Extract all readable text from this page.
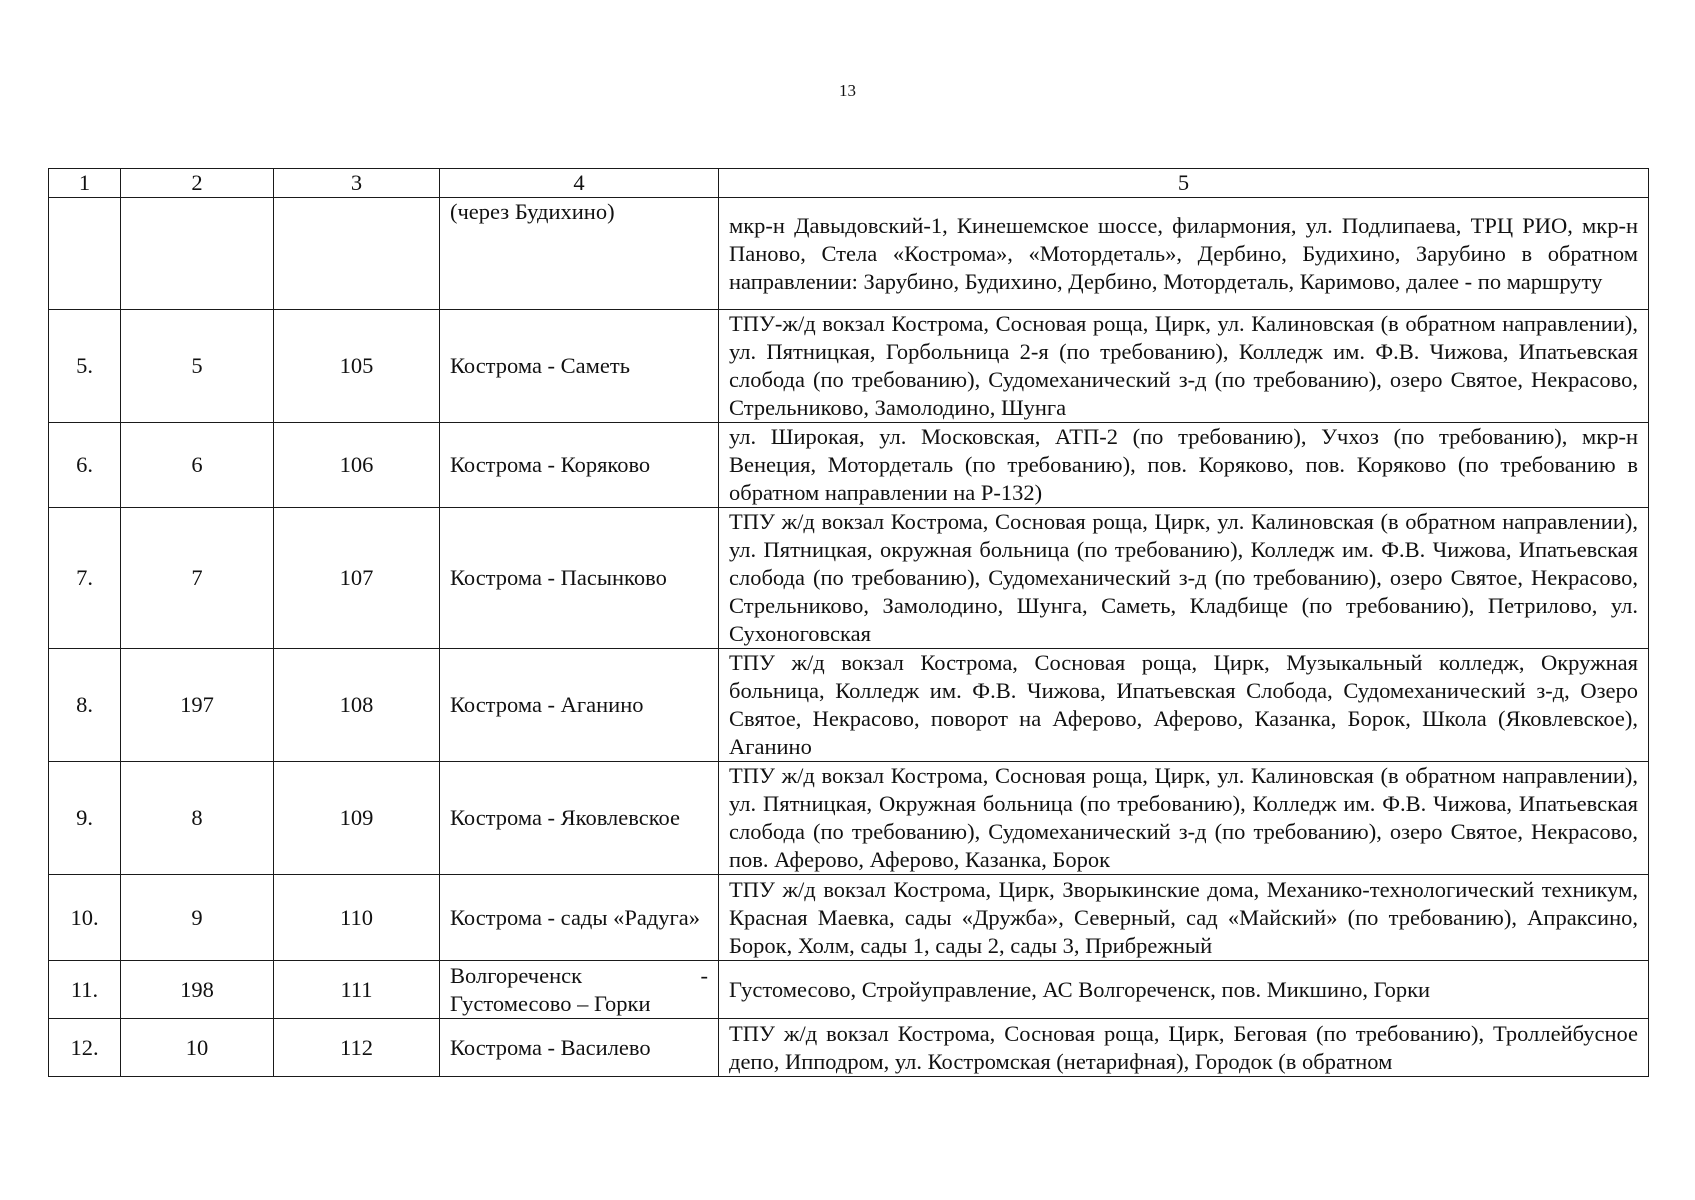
13
1	2	3	4	5
			(через Будихино)	мкр-н Давыдовский-1, Кинешемское шоссе, филармония, ул. Подлипаева, ТРЦ РИО, мкр-н Паново, Стела «Кострома», «Мотордеталь», Дербино, Будихино, Зарубино в обратном направлении: Зарубино, Будихино, Дербино, Мотордеталь, Каримово, далее - по маршруту
5.	5	105	Кострома - Саметь	ТПУ-ж/д вокзал Кострома, Сосновая роща, Цирк, ул. Калиновская (в обратном направлении), ул. Пятницкая, Горбольница 2-я (по требованию), Колледж им. Ф.В. Чижова, Ипатьевская слобода (по требованию), Судомеханический з-д (по требованию), озеро Святое, Некрасово, Стрельниково, Замолодино, Шунга
6.	6	106	Кострома - Коряково	ул. Широкая, ул. Московская, АТП-2 (по требованию), Учхоз (по требованию), мкр-н Венеция, Мотордеталь (по требованию), пов. Коряково, пов. Коряково (по требованию в обратном направлении на Р-132)
7.	7	107	Кострома - Пасынково	ТПУ ж/д вокзал Кострома, Сосновая роща, Цирк, ул. Калиновская (в обратном направлении), ул. Пятницкая, окружная больница (по требованию), Колледж им. Ф.В. Чижова, Ипатьевская слобода (по требованию), Судомеханический з-д (по требованию), озеро Святое, Некрасово, Стрельниково, Замолодино, Шунга, Саметь, Кладбище (по требованию), Петрилово, ул. Сухоноговская
8.	197	108	Кострома - Аганино	ТПУ ж/д вокзал Кострома, Сосновая роща, Цирк, Музыкальный колледж, Окружная больница, Колледж им. Ф.В. Чижова, Ипатьевская Слобода, Судомеханический з-д, Озеро Святое, Некрасово, поворот на Аферово, Аферово, Казанка, Борок, Школа (Яковлевское), Аганино
9.	8	109	Кострома - Яковлевское	ТПУ ж/д вокзал Кострома, Сосновая роща, Цирк, ул. Калиновская (в обратном направлении), ул. Пятницкая, Окружная больница (по требованию), Колледж им. Ф.В. Чижова, Ипатьевская слобода (по требованию), Судомеханический з-д (по требованию), озеро Святое, Некрасово, пов. Аферово, Аферово, Казанка, Борок
10.	9	110	Кострома - сады «Радуга»	ТПУ ж/д вокзал Кострома, Цирк, Зворыкинские дома, Механико-технологический техникум, Красная Маевка, сады «Дружба», Северный, сад «Майский» (по требованию), Апраксино, Борок, Холм, сады 1, сады 2, сады 3, Прибрежный
11.	198	111	Волгореченск - Густомесово – Горки	Густомесово, Стройуправление, АС Волгореченск, пов. Микшино, Горки
12.	10	112	Кострома - Василево	ТПУ ж/д вокзал Кострома, Сосновая роща, Цирк, Беговая (по требованию), Троллейбусное депо, Ипподром, ул. Костромская (нетарифная), Городок (в обратном
